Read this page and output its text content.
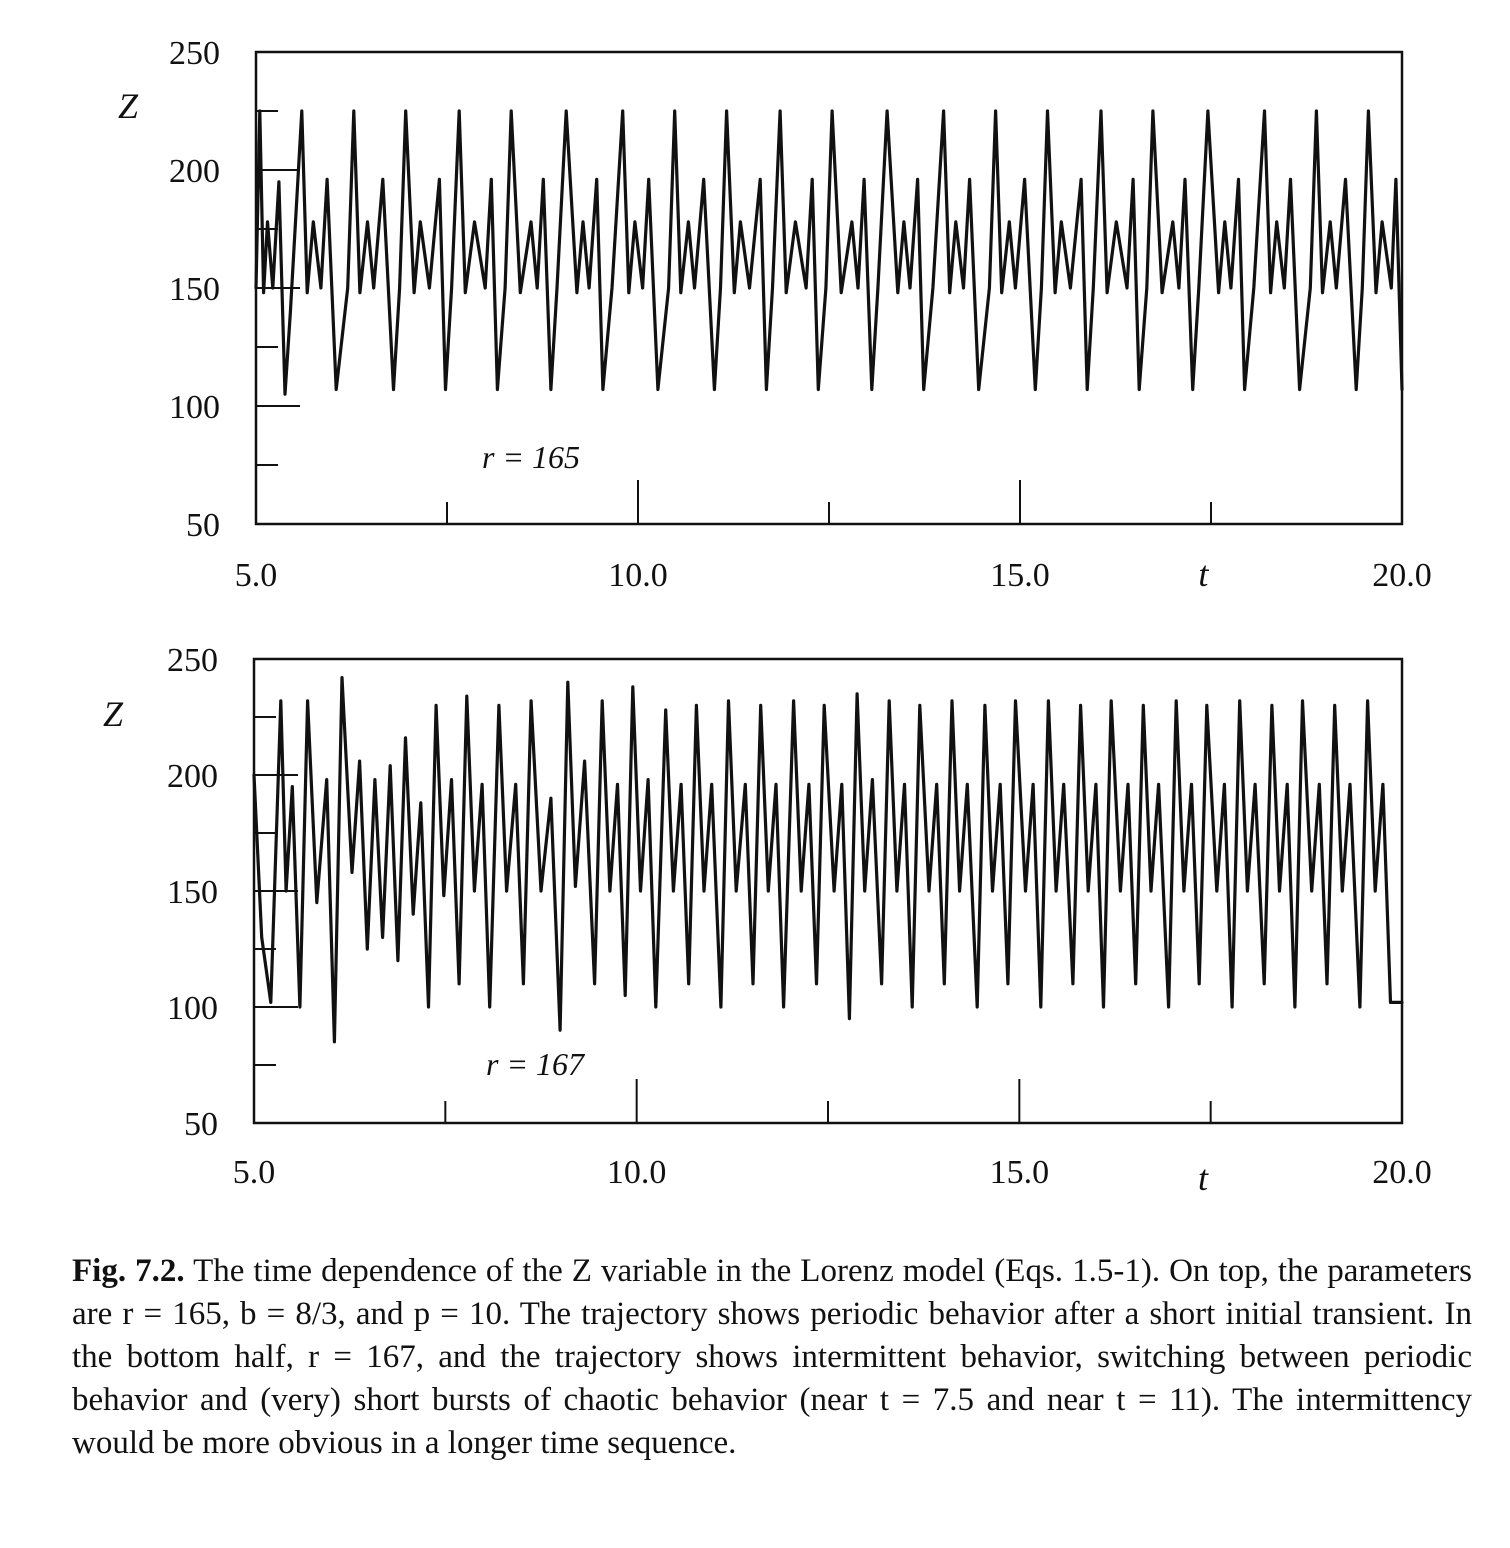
250
200
150
100
50
5.0	10.0	15.0	20.0
Z
t
r = 165
250
200
150
100
50
5.0	10.0	15.0	20.0
Z
t
r = 167
Fig. 7.2. The time dependence of the Z variable in the Lorenz model (Eqs. 1.5-1). On top, the parameters are r = 165, b = 8/3, and p = 10. The trajectory shows periodic behavior after a short initial transient. In the bottom half, r = 167, and the trajectory shows intermittent behavior, switching between periodic behavior and (very) short bursts of chaotic behavior (near t = 7.5 and near t = 11). The intermittency would be more obvious in a longer time sequence.
